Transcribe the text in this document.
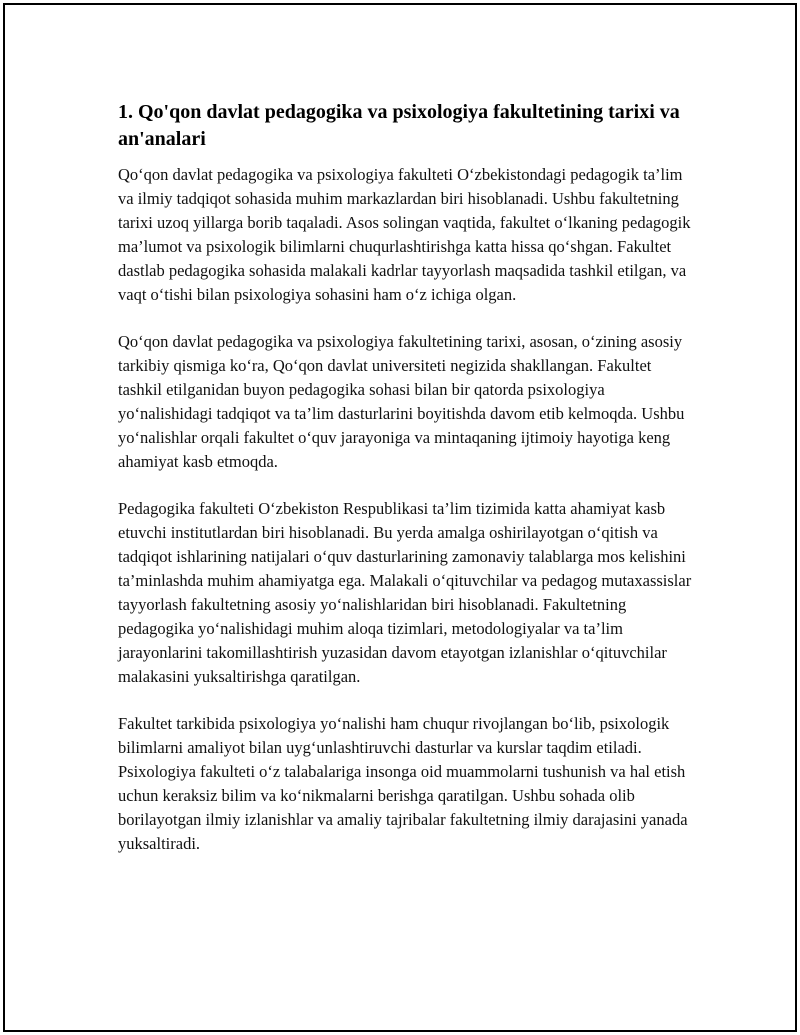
1. Qo'qon davlat pedagogika va psixologiya fakultetining tarixi va an'analari

Qo‘qon davlat pedagogika va psixologiya fakulteti O‘zbekistondagi pedagogik ta’lim va ilmiy tadqiqot sohasida muhim markazlardan biri hisoblanadi. Ushbu fakultetning tarixi uzoq yillarga borib taqaladi. Asos solingan vaqtida, fakultet o‘lkaning pedagogik ma’lumot va psixologik bilimlarni chuqurlashtirishga katta hissa qo‘shgan. Fakultet dastlab pedagogika sohasida malakali kadrlar tayyorlash maqsadida tashkil etilgan, va vaqt o‘tishi bilan psixologiya sohasini ham o‘z ichiga olgan.

Qo‘qon davlat pedagogika va psixologiya fakultetining tarixi, asosan, o‘zining asosiy tarkibiy qismiga ko‘ra, Qo‘qon davlat universiteti negizida shakllangan. Fakultet tashkil etilganidan buyon pedagogika sohasi bilan bir qatorda psixologiya yo‘nalishidagi tadqiqot va ta’lim dasturlarini boyitishda davom etib kelmoqda. Ushbu yo‘nalishlar orqali fakultet o‘quv jarayoniga va mintaqaning ijtimoiy hayotiga keng ahamiyat kasb etmoqda.

Pedagogika fakulteti O‘zbekiston Respublikasi ta’lim tizimida katta ahamiyat kasb etuvchi institutlardan biri hisoblanadi. Bu yerda amalga oshirilayotgan o‘qitish va tadqiqot ishlarining natijalari o‘quv dasturlarining zamonaviy talablarga mos kelishini ta’minlashda muhim ahamiyatga ega. Malakali o‘qituvchilar va pedagog mutaxassislar tayyorlash fakultetning asosiy yo‘nalishlaridan biri hisoblanadi. Fakultetning pedagogika yo‘nalishidagi muhim aloqa tizimlari, metodologiyalar va ta’lim jarayonlarini takomillashtirish yuzasidan davom etayotgan izlanishlar o‘qituvchilar malakasini yuksaltirishga qaratilgan.

Fakultet tarkibida psixologiya yo‘nalishi ham chuqur rivojlangan bo‘lib, psixologik bilimlarni amaliyot bilan uyg‘unlashtiruvchi dasturlar va kurslar taqdim etiladi. Psixologiya fakulteti o‘z talabalariga insonga oid muammolarni tushunish va hal etish uchun keraksiz bilim va ko‘nikmalarni berishga qaratilgan. Ushbu sohada olib borilayotgan ilmiy izlanishlar va amaliy tajribalar fakultetning ilmiy darajasini yanada yuksaltiradi.
